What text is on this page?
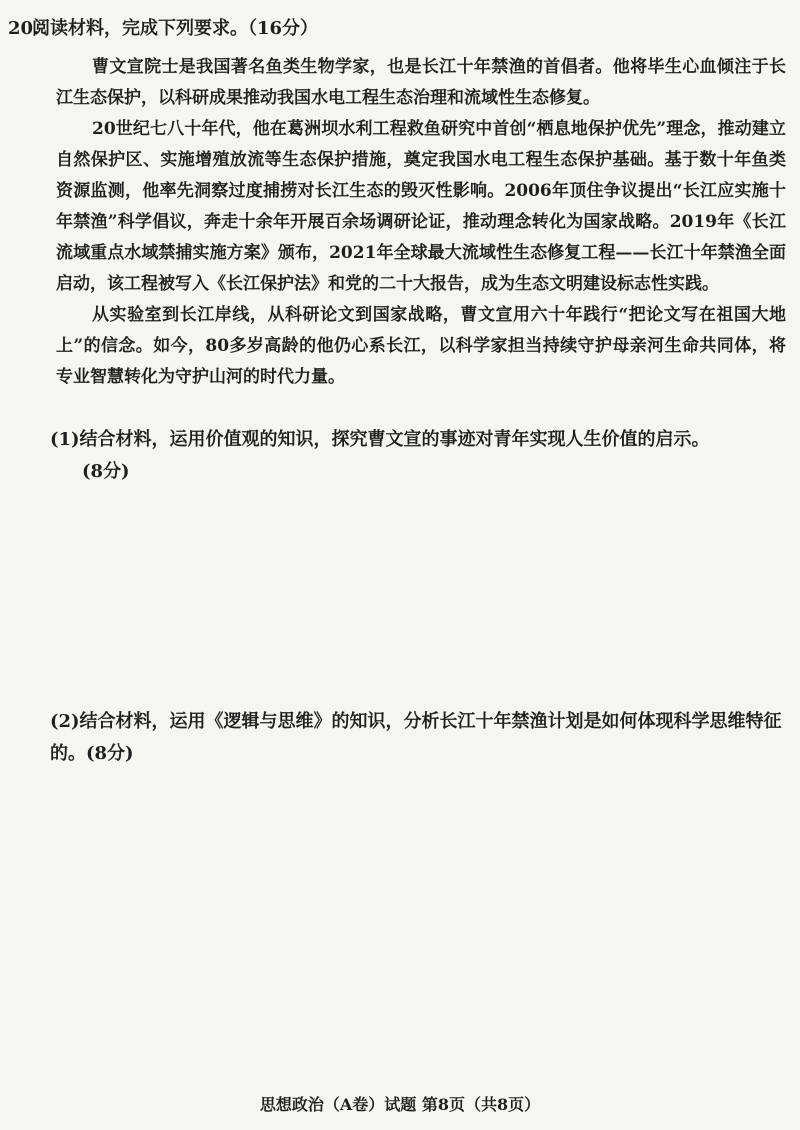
20.阅读材料，完成下列要求。（16分）

曹文宣院士是我国著名鱼类生物学家，也是长江十年禁渔的首倡者。他将毕生心血倾注于长江生态保护，以科研成果推动我国水电工程生态治理和流域性生态修复。

20世纪七八十年代，他在葛洲坝水利工程救鱼研究中首创“栖息地保护优先”理念，推动建立自然保护区、实施增殖放流等生态保护措施，奠定我国水电工程生态保护基础。基于数十年鱼类资源监测，他率先洞察过度捕捞对长江生态的毁灭性影响。2006年顶住争议提出“长江应实施十年禁渔”科学倡议，奔走十余年开展百余场调研论证，推动理念转化为国家战略。2019年《长江流域重点水域禁捕实施方案》颁布，2021年全球最大流域性生态修复工程——长江十年禁渔全面启动，该工程被写入《长江保护法》和党的二十大报告，成为生态文明建设标志性实践。

从实验室到长江岸线，从科研论文到国家战略，曹文宣用六十年践行“把论文写在祖国大地上”的信念。如今，80多岁高龄的他仍心系长江，以科学家担当持续守护母亲河生命共同体，将专业智慧转化为守护山河的时代力量。

(1)结合材料，运用价值观的知识，探究曹文宣的事迹对青年实现人生价值的启示。
(8分)
(2)结合材料，运用《逻辑与思维》的知识，分析长江十年禁渔计划是如何体现科学思维特征的。(8分)
思想政治（A卷）试题 第8页（共8页）
